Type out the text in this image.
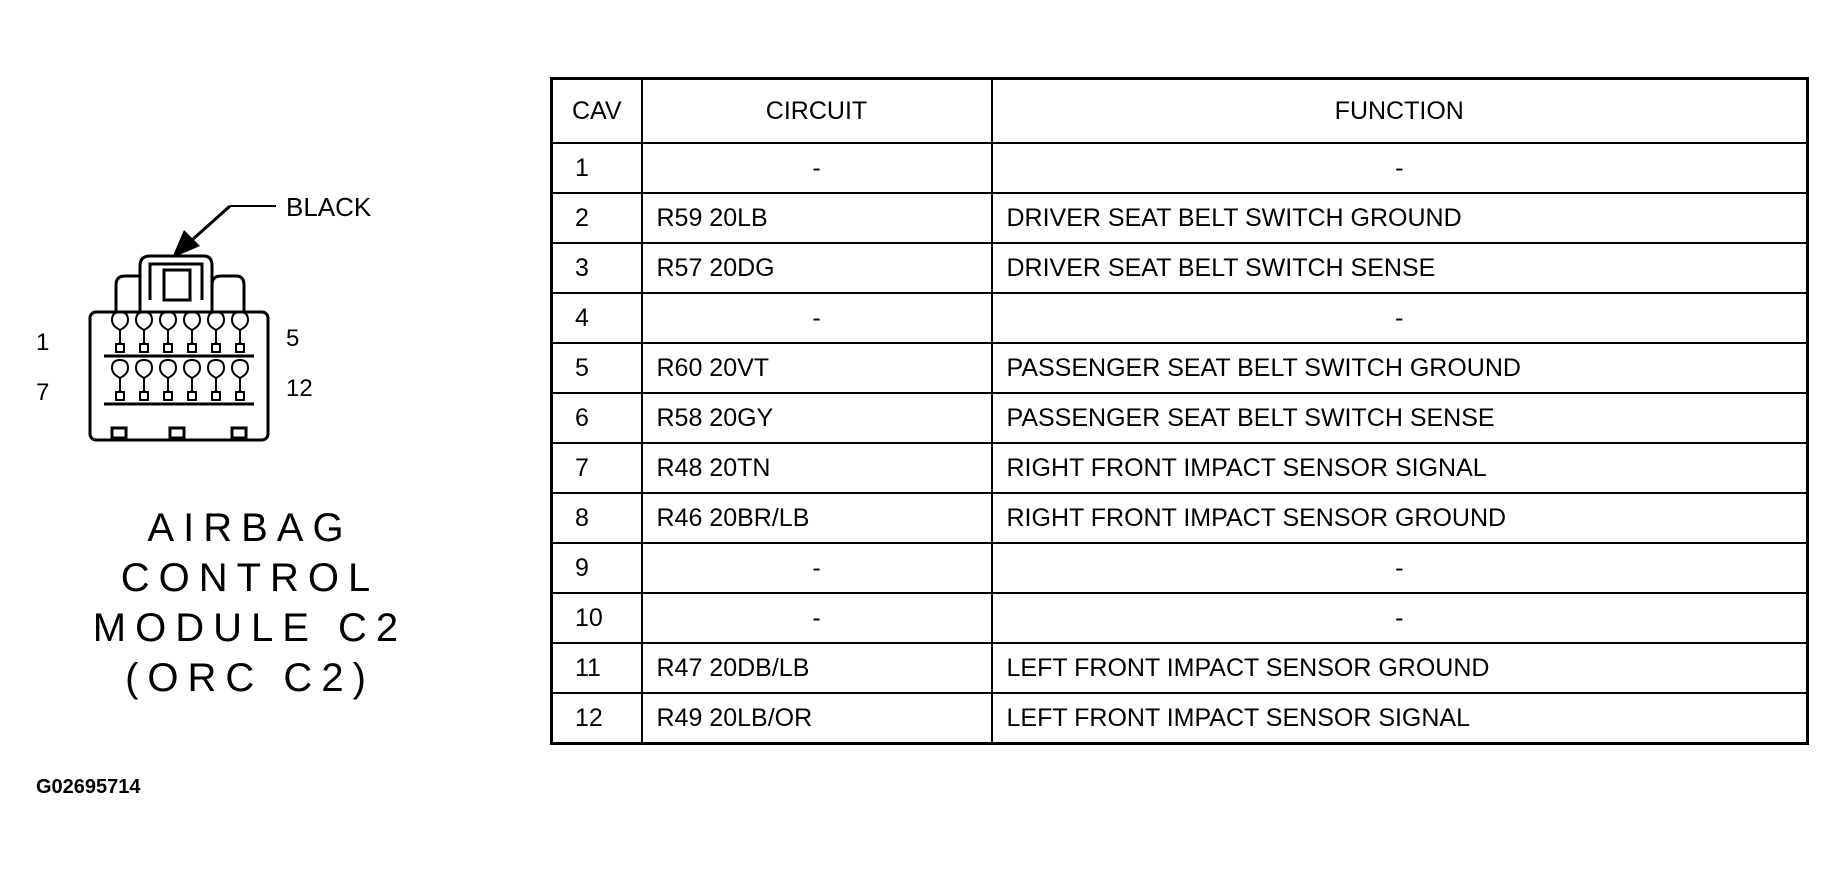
BLACK
1	5
7	12
AIRBAG
CONTROL
MODULE C2
(ORC C2)
G02695714
CAV	CIRCUIT	FUNCTION
1	-	-
2	R59 20LB	DRIVER SEAT BELT SWITCH GROUND
3	R57 20DG	DRIVER SEAT BELT SWITCH SENSE
4	-	-
5	R60 20VT	PASSENGER SEAT BELT SWITCH GROUND
6	R58 20GY	PASSENGER SEAT BELT SWITCH SENSE
7	R48 20TN	RIGHT FRONT IMPACT SENSOR SIGNAL
8	R46 20BR/LB	RIGHT FRONT IMPACT SENSOR GROUND
9	-	-
10	-	-
11	R47 20DB/LB	LEFT FRONT IMPACT SENSOR GROUND
12	R49 20LB/OR	LEFT FRONT IMPACT SENSOR SIGNAL
